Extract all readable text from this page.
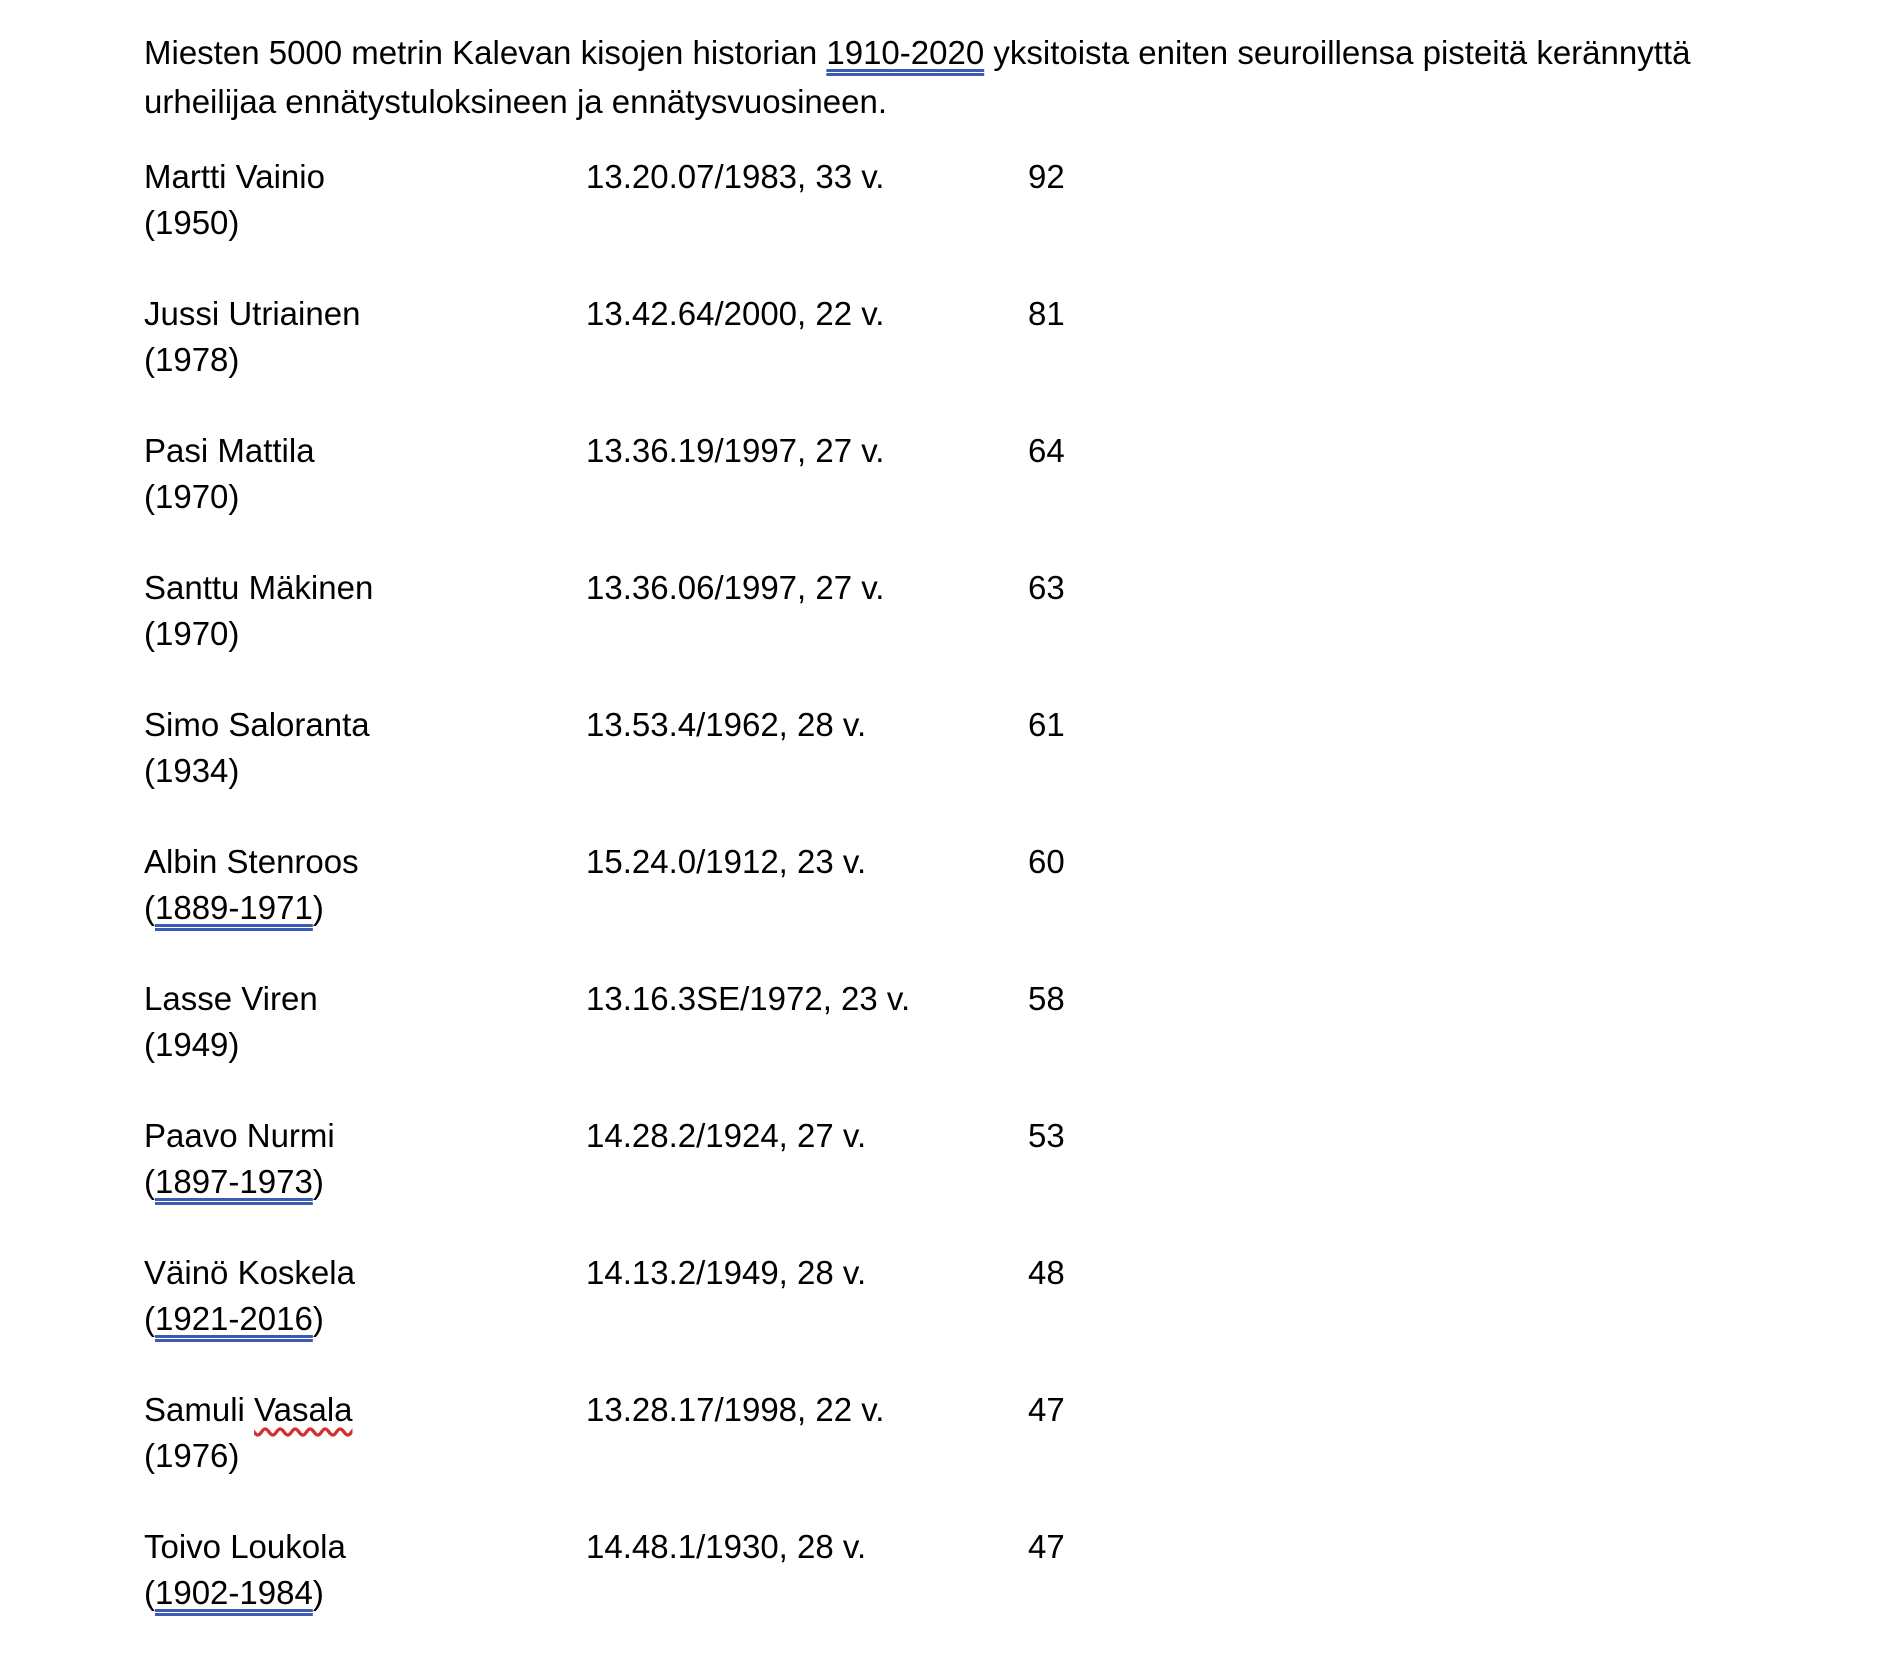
Miesten 5000 metrin Kalevan kisojen historian 1910-2020 yksitoista eniten seuroillensa pisteitä kerännyttä urheilijaa ennätystuloksineen ja ennätysvuosineen.

Martti Vainio
(1950)
13.20.07/1983, 33 v.	92
Jussi Utriainen
(1978)
13.42.64/2000, 22 v.	81
Pasi Mattila
(1970)
13.36.19/1997, 27 v.	64
Santtu Mäkinen
(1970)
13.36.06/1997, 27 v.	63
Simo Saloranta
(1934)
13.53.4/1962, 28 v.	61
Albin Stenroos
(1889-1971)
15.24.0/1912, 23 v.	60
Lasse Viren
(1949)
13.16.3SE/1972, 23 v.	58
Paavo Nurmi
(1897-1973)
14.28.2/1924, 27 v.	53
Väinö Koskela
(1921-2016)
14.13.2/1949, 28 v.	48
Samuli Vasala
(1976)
13.28.17/1998, 22 v.	47
Toivo Loukola
(1902-1984)
14.48.1/1930, 28 v.	47
